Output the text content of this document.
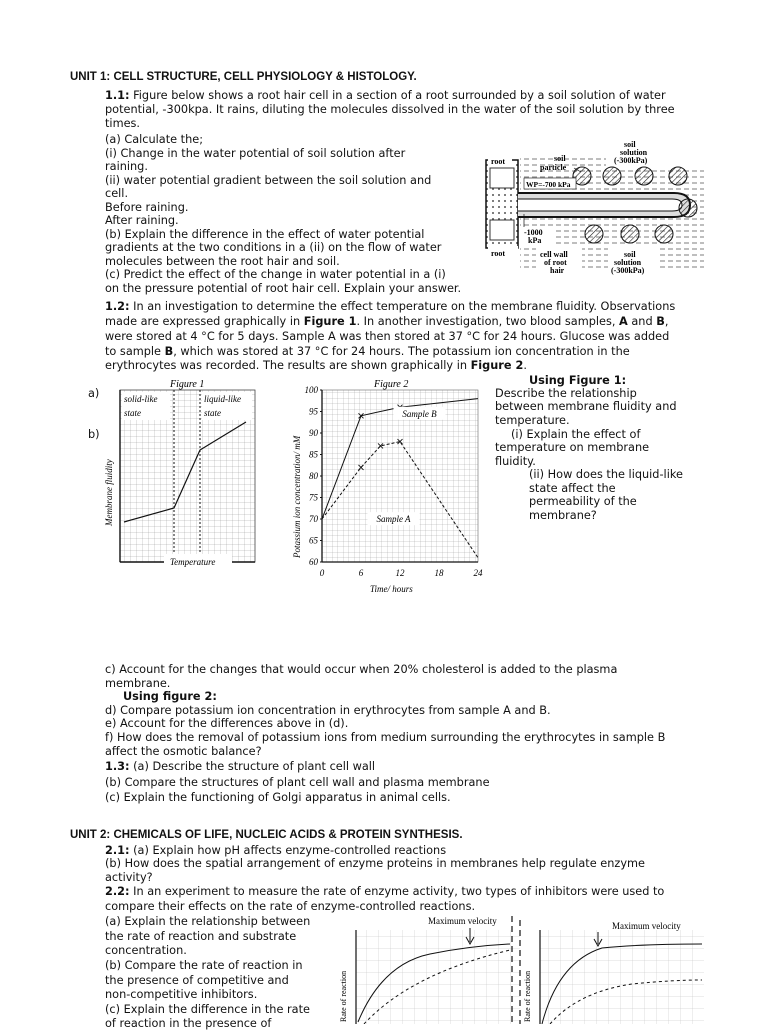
UNIT 1: CELL STRUCTURE, CELL PHYSIOLOGY & HISTOLOGY.
1.1: Figure below shows a root hair cell in a section of a root surrounded by a soil solution of water
potential, -300kpa. It rains, diluting the molecules dissolved in the water of the soil solution by three
times.
(a) Calculate the;
(i) Change in the water potential of soil solution after
raining.
(ii) water potential gradient between the soil solution and
cell.
Before raining.
After raining.
(b) Explain the difference in the effect of water potential
gradients at the two conditions in a (ii) on the flow of water
molecules between the root hair and soil.
(c) Predict the effect of the change in water potential in a (i)
on the pressure potential of root hair cell. Explain your answer.
root	soil
particle
soil
solution
(-300kPa)
WP=-700 kPa
-1000
kPa
root	cell wall
of root
hair
soil
solution
(-300kPa)
1.2: In an investigation to determine the effect temperature on the membrane fluidity. Observations
made are expressed graphically in Figure 1. In another investigation, two blood samples, A and B,
were stored at 4 °C for 5 days. Sample A was then stored at 37 °C for 24 hours. Glucose was added
to sample B, which was stored at 37 °C for 24 hours. The potassium ion concentration in the
erythrocytes was recorded. The results are shown graphically in Figure 2.
a)
b)
Figure 1
solid-like
state
liquid-like
state
Membrane fluidity
Temperature
Figure 2
100
95
90
85
80
75
70
65
60
0	6	12	18	24
Sample B
Sample A
Potassium ion concentration/ mM
Time/ hours
Using Figure 1:
Describe the relationship
between membrane fluidity and
temperature.
(i) Explain the effect of
temperature on membrane
fluidity.
(ii) How does the liquid-like
state affect the
permeability of the
membrane?
c) Account for the changes that would occur when 20% cholesterol is added to the plasma
membrane.
Using figure 2:
d) Compare potassium ion concentration in erythrocytes from sample A and B.
e) Account for the differences above in (d).
f) How does the removal of potassium ions from medium surrounding the erythrocytes in sample B
affect the osmotic balance?
1.3: (a) Describe the structure of plant cell wall
(b) Compare the structures of plant cell wall and plasma membrane
(c) Explain the functioning of Golgi apparatus in animal cells.
UNIT 2: CHEMICALS OF LIFE, NUCLEIC ACIDS & PROTEIN SYNTHESIS.
2.1: (a) Explain how pH affects enzyme-controlled reactions
(b) How does the spatial arrangement of enzyme proteins in membranes help regulate enzyme
activity?
2.2: In an experiment to measure the rate of enzyme activity, two types of inhibitors were used to
compare their effects on the rate of enzyme-controlled reactions.
(a) Explain the relationship between
the rate of reaction and substrate
concentration.
(b) Compare the rate of reaction in
the presence of competitive and
non-competitive inhibitors.
(c) Explain the difference in the rate
of reaction in the presence of
Maximum velocity
Rate of reaction
Maximum velocity
Rate of reaction
